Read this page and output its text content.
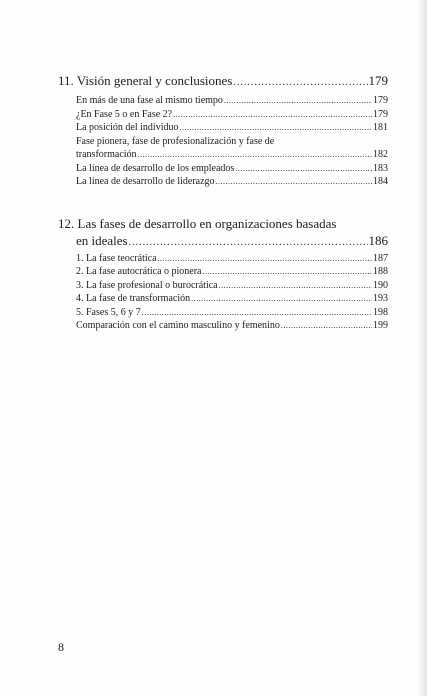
11. Visión general y conclusiones .....	179
En más de una fase al mismo tiempo .....	179
¿En Fase 5 o en Fase 2? .....	179
La posición del individuo .....	181
Fase pionera, fase de profesionalización y fase de
transformación .....	182
La línea de desarrollo de los empleados .....	183
La línea de desarrollo de liderazgo .....	184
12. Las fases de desarrollo en organizaciones basadas
en ideales .....	186
1. La fase teocrática .....	187
2. La fase autocrática o pionera .....	188
3. La fase profesional o burocrática .....	190
4. La fase de transformación .....	193
5. Fases 5, 6 y 7 .....	198
Comparación con el camino masculino y femenino .....	199
8
